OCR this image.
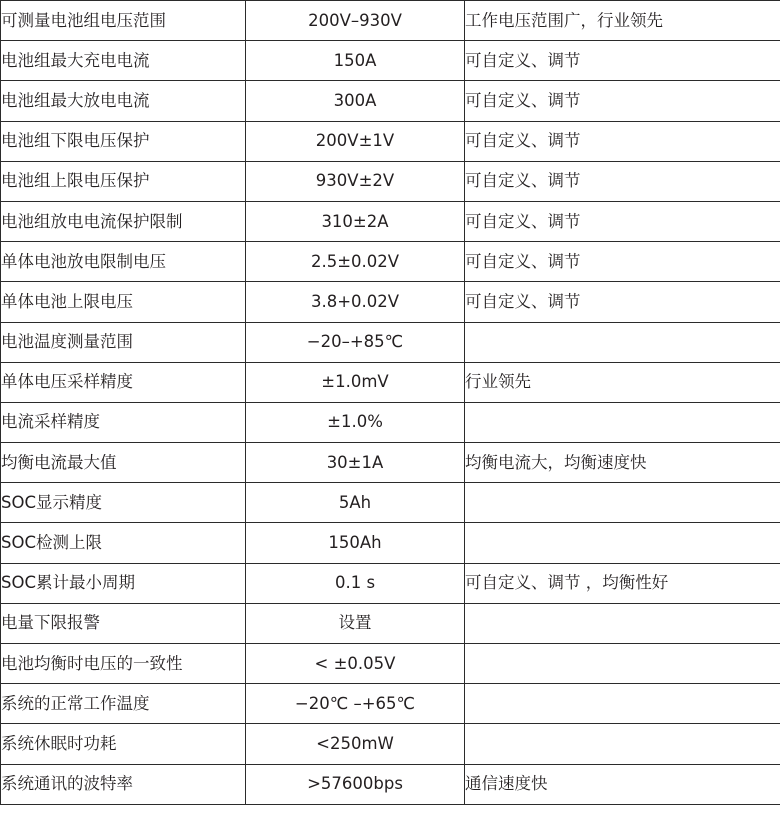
可测量电池组电压范围	200V–930V	工作电压范围广，行业领先
电池组最大充电电流	150A	可自定义、调节
电池组最大放电电流	300A	可自定义、调节
电池组下限电压保护	200V±1V	可自定义、调节
电池组上限电压保护	930V±2V	可自定义、调节
电池组放电电流保护限制	310±2A	可自定义、调节
单体电池放电限制电压	2.5±0.02V	可自定义、调节
单体电池上限电压	3.8+0.02V	可自定义、调节
电池温度测量范围	−20–+85℃	
单体电压采样精度	±1.0mV	行业领先
电流采样精度	±1.0%	
均衡电流最大值	30±1A	均衡电流大，均衡速度快
SOC显示精度	5Ah	
SOC检测上限	150Ah	
SOC累计最小周期	0.1 s	可自定义、调节 ，均衡性好
电量下限报警	设置	
电池均衡时电压的一致性	< ±0.05V	
系统的正常工作温度	−20℃ –+65℃	
系统休眠时功耗	<250mW	
系统通讯的波特率	>57600bps	通信速度快
